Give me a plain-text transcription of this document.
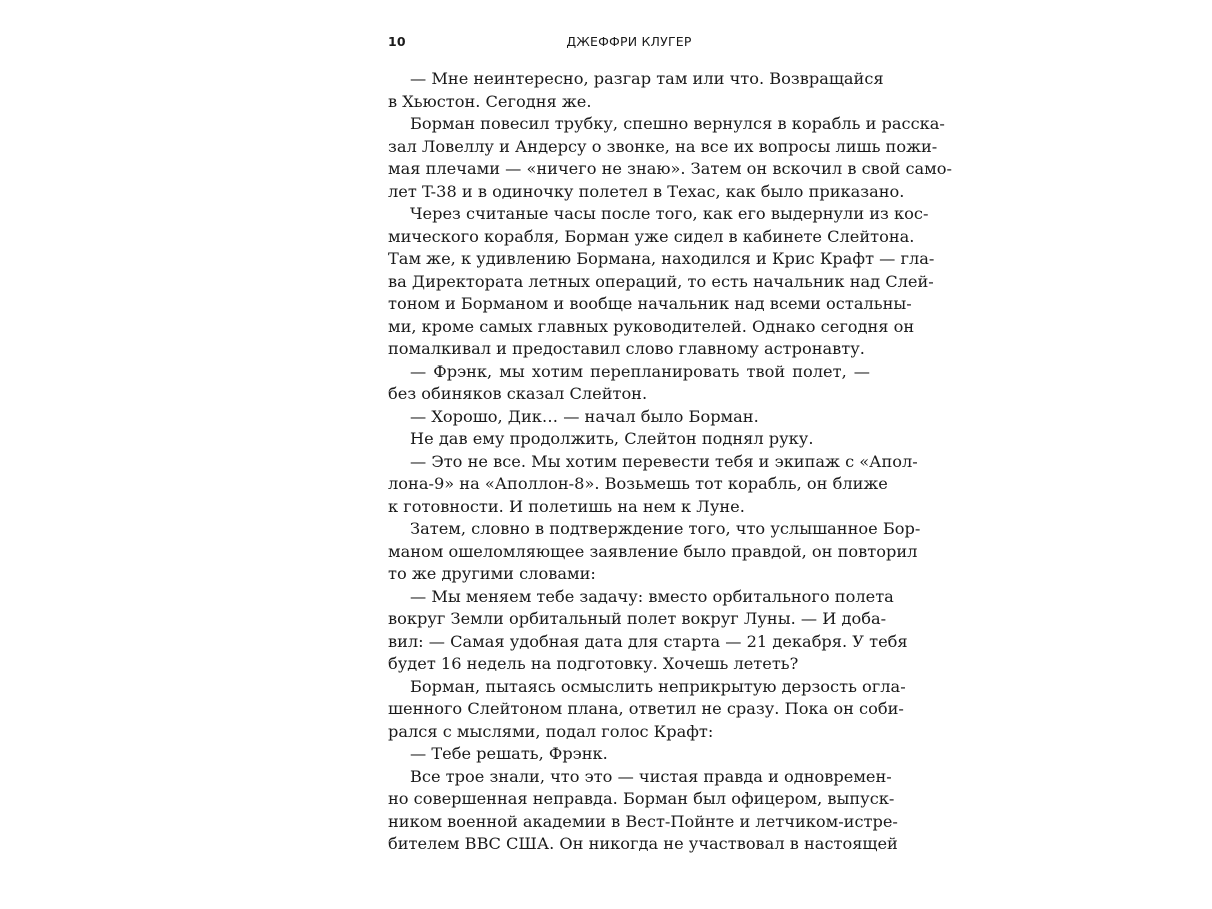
10	ДЖЕФФРИ КЛУГЕР
— Мне неинтересно, разгар там или что. Возвращайся
в Хьюстон. Сегодня же.
Борман повесил трубку, спешно вернулся в корабль и расска-
зал Ловеллу и Андерсу о звонке, на все их вопросы лишь пожи-
мая плечами — «ничего не знаю». Затем он вскочил в свой само-
лет T-38 и в одиночку полетел в Техас, как было приказано.
Через считаные часы после того, как его выдернули из кос-
мического корабля, Борман уже сидел в кабинете Слейтона.
Там же, к удивлению Бормана, находился и Крис Крафт — гла-
ва Директората летных операций, то есть начальник над Слей-
тоном и Борманом и вообще начальник над всеми остальны-
ми, кроме самых главных руководителей. Однако сегодня он
помалкивал и предоставил слово главному астронавту.
— Фрэнк, мы хотим перепланировать твой полет, —
без обиняков сказал Слейтон.
— Хорошо, Дик… — начал было Борман.
Не дав ему продолжить, Слейтон поднял руку.
— Это не все. Мы хотим перевести тебя и экипаж с «Апол-
лона-9» на «Аполлон-8». Возьмешь тот корабль, он ближе
к готовности. И полетишь на нем к Луне.
Затем, словно в подтверждение того, что услышанное Бор-
маном ошеломляющее заявление было правдой, он повторил
то же другими словами:
— Мы меняем тебе задачу: вместо орбитального полета
вокруг Земли орбитальный полет вокруг Луны. — И доба-
вил: — Самая удобная дата для старта — 21 декабря. У тебя
будет 16 недель на подготовку. Хочешь лететь?
Борман, пытаясь осмыслить неприкрытую дерзость огла-
шенного Слейтоном плана, ответил не сразу. Пока он соби-
рался с мыслями, подал голос Крафт:
— Тебе решать, Фрэнк.
Все трое знали, что это — чистая правда и одновремен-
но совершенная неправда. Борман был офицером, выпуск-
ником военной академии в Вест-Пойнте и летчиком-истре-
бителем ВВС США. Он никогда не участвовал в настоящей
